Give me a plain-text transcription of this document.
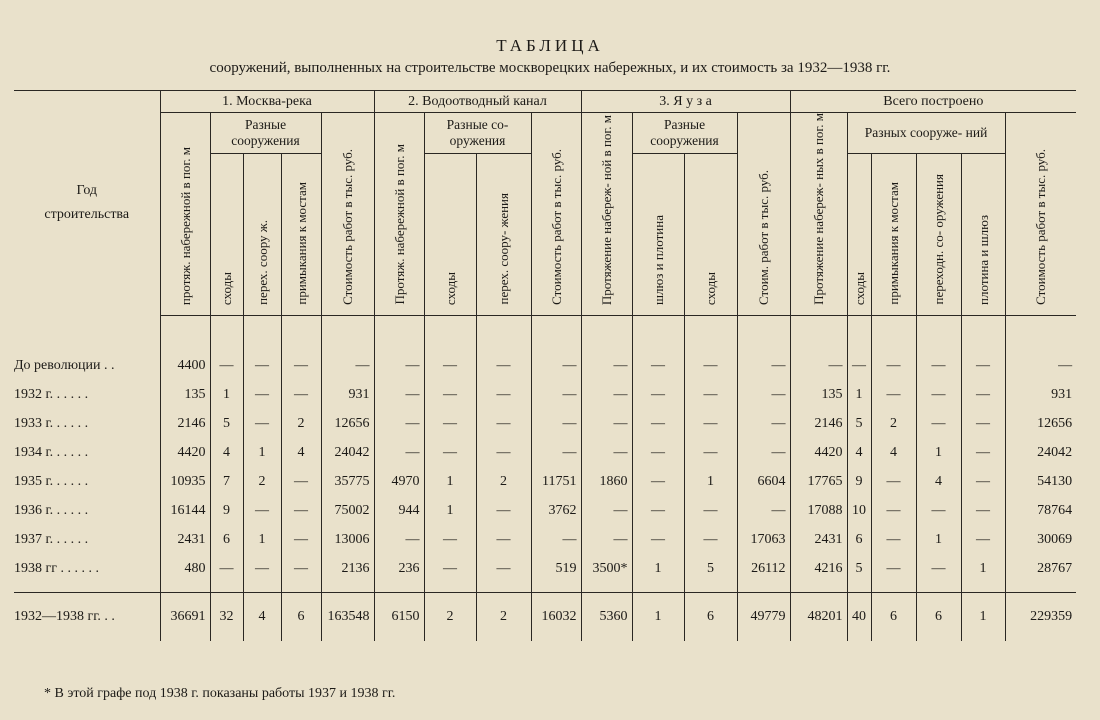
ТАБЛИЦА
сооружений, выполненных на строительстве москворецких набережных, и их стоимость за 1932—1938 гг.
Год строительства	1. Москва-река					2. Водоотводный канал				3. Я у з а				Всего построено					
	протяж. набережной в пог. м	Разные сооружения			Стоимость работ в тыс. руб.	Протяж. набережной в пог. м	Разные со- оружения		Стоимость работ в тыс. руб.	Протяжение набереж- ной в пог. м	Разные сооружения		Стоим. работ в тыс. руб.	Протяжение набереж- ных в пог. м	Разных сооруже- ний				Стоимость работ в тыс. руб.
		сходы	перех. соору ж.	примыкания к мостам			сходы	перех. соору- жения			шлюз и плотина	сходы			сходы	примыкания к мостам	переходн. со- оружения	плотина и шлюз	

До революции . .	4400	—	—	—	—	—	—	—	—	—	—	—	—	—	—	—	—	—	—
1932 г. . . . . .	135	1	—	—	931	—	—	—	—	—	—	—	—	135	1	—	—	—	931
1933 г. . . . . .	2146	5	—	2	12656	—	—	—	—	—	—	—	—	2146	5	2	—	—	12656
1934 г. . . . . .	4420	4	1	4	24042	—	—	—	—	—	—	—	—	4420	4	4	1	—	24042
1935 г. . . . . .	10935	7	2	—	35775	4970	1	2	11751	1860	—	1	6604	17765	9	—	4	—	54130
1936 г. . . . . .	16144	9	—	—	75002	944	1	—	3762	—	—	—	—	17088	10	—	—	—	78764
1937 г. . . . . .	2431	6	1	—	13006	—	—	—	—	—	—	—	17063	2431	6	—	1	—	30069
1938 гг . . . . . .	480	—	—	—	2136	236	—	—	519	3500*	1	5	26112	4216	5	—	—	1	28767

1932—1938 гг. . .	36691	32	4	6	163548	6150	2	2	16032	5360	1	6	49779	48201	40	6	6	1	229359
* В этой графе под 1938 г. показаны работы 1937 и 1938 гг.
